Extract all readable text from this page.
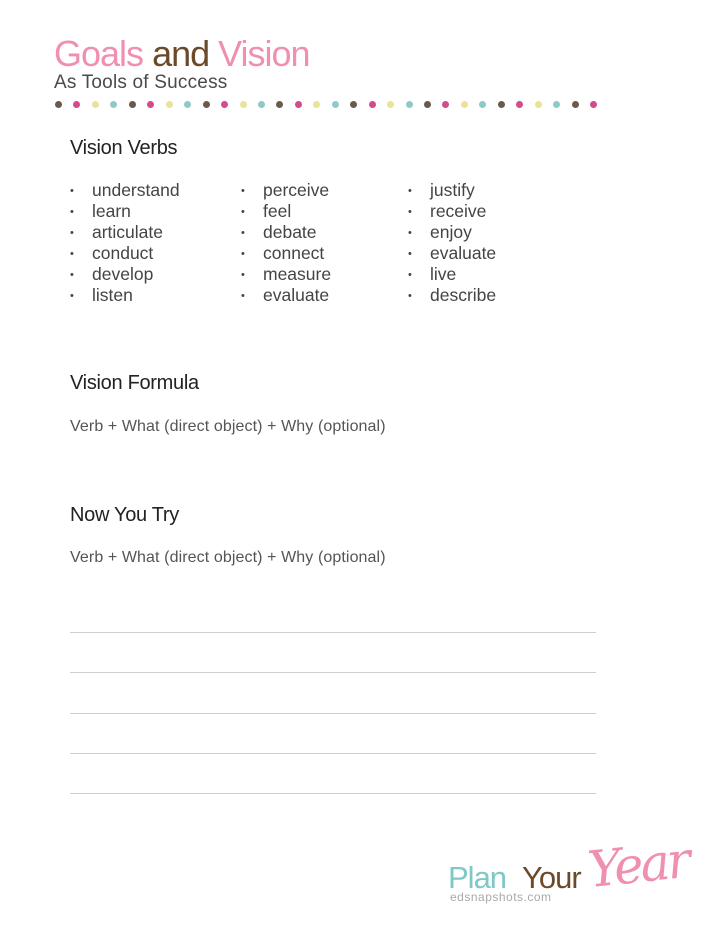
Goals and Vision
As Tools of Success
Vision Verbs
• understand
• learn
• articulate
• conduct
• develop
• listen
• perceive
• feel
• debate
• connect
• measure
• evaluate
• justify
• receive
• enjoy
• evaluate
• live
• describe
Vision Formula
Verb + What (direct object) + Why (optional)
Now You Try
Verb + What (direct object) + Why (optional)
Plan Your Year
edsnapshots.com
